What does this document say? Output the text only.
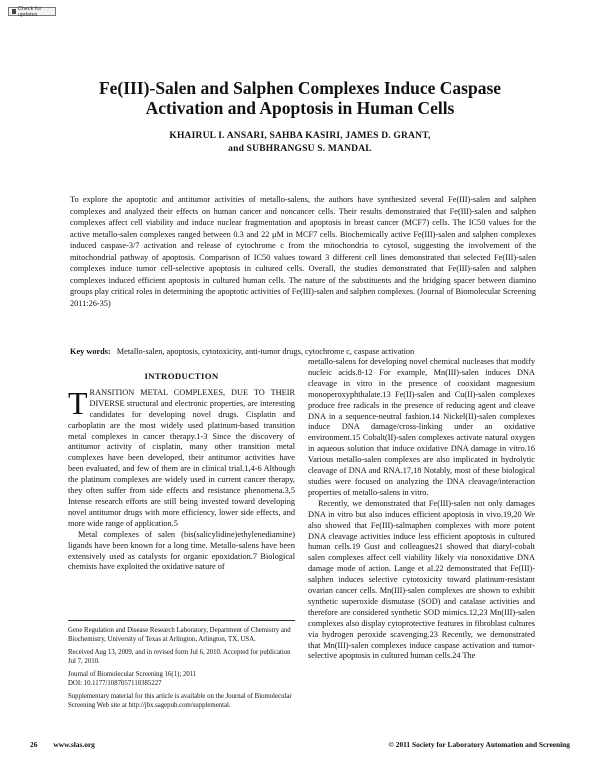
Check for updates
Fe(III)-Salen and Salphen Complexes Induce Caspase
Activation and Apoptosis in Human Cells
KHAIRUL I. ANSARI, SAHBA KASIRI, JAMES D. GRANT,
and SUBHRANGSU S. MANDAL
To explore the apoptotic and antitumor activities of metallo-salens, the authors have synthesized several Fe(III)-salen and salphen complexes and analyzed their effects on human cancer and noncancer cells. Their results demonstrated that Fe(III)-salen and salphen complexes affect cell viability and induce nuclear fragmentation and apoptosis in breast cancer (MCF7) cells. The IC50 values for the active metallo-salen complexes ranged between 0.3 and 22 μM in MCF7 cells. Biochemically active Fe(III)-salen and salphen complexes induced caspase-3/7 activation and release of cytochrome c from the mitochondria to cytosol, suggesting the involvement of the mitochondrial pathway of apoptosis. Comparison of IC50 values toward 3 different cell lines demonstrated that selected Fe(III)-salen complexes induce tumor cell-selective apoptosis in cultured cells. Overall, the studies demonstrated that Fe(III)-salen and salphen complexes induced efficient apoptosis in cultured human cells. The nature of the substituents and the bridging spacer between diamino groups play critical roles in determining the apoptotic activities of Fe(III)-salen and salphen complexes. (Journal of Biomolecular Screening 2011:26-35)
Key words: Metallo-salen, apoptosis, cytotoxicity, anti-tumor drugs, cytochrome c, caspase activation
INTRODUCTION

TRANSITION METAL COMPLEXES, DUE TO THEIR DIVERSE structural and electronic properties, are interesting candidates for developing novel drugs. Cisplatin and carboplatin are the most widely used platinum-based transition metal complexes in cancer therapy.1-3 Since the discovery of antitumor activity of cisplatin, many other transition metal complexes have been developed, their antitumor activities have been evaluated, and few of them are in clinical trial.1,4-6 Although the platinum complexes are widely used in current cancer therapy, they often suffer from side effects and resistance phenomena.3,5 Intense research efforts are still being invested toward developing novel antitumor drugs with more efficiency, lower side effects, and more wide range of application.5

Metal complexes of salen (bis(salicylidine)ethylenediamine) ligands have been known for a long time. Metallo-salens have been extensively used as catalysts for organic epoxidation.7 Biological chemists have exploited the oxidative nature of

metallo-salens for developing novel chemical nucleases that modify nucleic acids.8-12 For example, Mn(III)-salen induces DNA cleavage in vitro in the presence of cooxidant magnesium monoperoxyphthalate.13 Fe(II)-salen and Cu(II)-salen complexes produce free radicals in the presence of reducing agent and cleave DNA in a sequence-neutral fashion.14 Nickel(II)-salen complexes induce DNA damage/cross-linking under an oxidative environment.15 Cobalt(II)-salen complexes activate natural oxygen in aqueous solution that induce oxidative DNA damage in vitro.16 Various metallo-salen complexes are also implicated in hydrolytic cleavage of DNA and RNA.17,18 Notably, most of these biological studies were focused on analyzing the DNA cleavage/interaction properties of metallo-salens in vitro.

Recently, we demonstrated that Fe(III)-salen not only damages DNA in vitro but also induces efficient apoptosis in vivo.19,20 We also showed that Fe(III)-salmaphen complexes with more potent DNA cleavage activities induce less efficient apoptosis in cultured human cells.19 Gust and colleagues21 showed that diaryl-cobalt salen complexes affect cell viability likely via nonoxidative DNA damage mode of action. Lange et al.22 demonstrated that Fe(III)-salphen induces selective cytotoxicity toward platinum-resistant ovarian cancer cells. Mn(III)-salen complexes are shown to exhibit synthetic superoxide dismutase (SOD) and catalase activities and therefore are considered synthetic SOD mimics.12,23 Mn(III)-salen complexes also display cytoprotective features in fibroblast cultures via hydrogen peroxide scavenging.23 Recently, we demonstrated that Mn(III)-salen complexes induce caspase activation and tumor-selective apoptosis in cultured human cells.24 The

Gene Regulation and Disease Research Laboratory, Department of Chemistry and Biochemistry, University of Texas at Arlington, Arlington, TX, USA.

Received Aug 13, 2009, and in revised form Jul 6, 2010. Accepted for publication Jul 7, 2010.

Journal of Biomolecular Screening 16(1); 2011
DOI: 10.1177/1087057110385227

Supplementary material for this article is available on the Journal of Biomolecular Screening Web site at http://jbx.sagepub.com/supplemental.

26 www.slas.org	© 2011 Society for Laboratory Automation and Screening
